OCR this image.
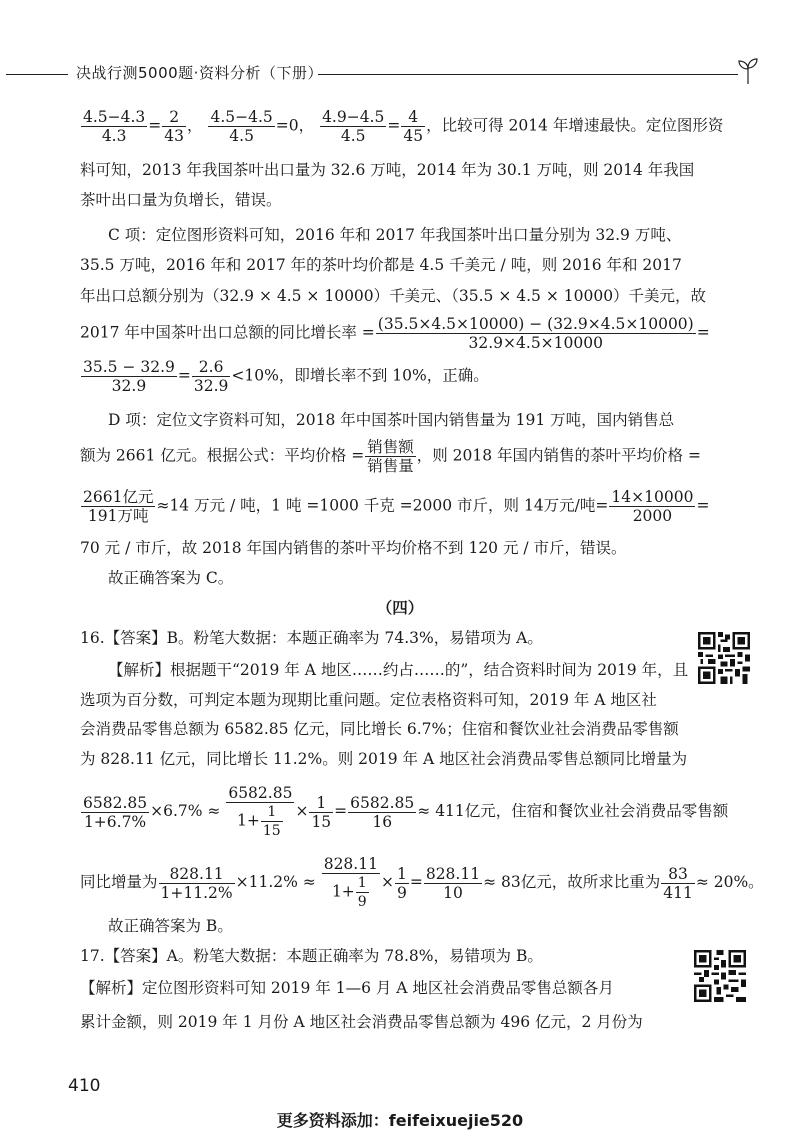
决战行测5000题·资料分析（下册）
$\frac{4.5-4.3}{4.3} = \frac{2}{43}$ ， $\frac{4.5-4.5}{4.5} =0$， $\frac{4.9-4.5}{4.5} = \frac{4}{45}$ ，比较可得 2014 年增速最快。定位图形资
料可知，2013 年我国茶叶出口量为 32.6 万吨，2014 年为 30.1 万吨，则 2014 年我国
茶叶出口量为负增长，错误。
C 项：定位图形资料可知，2016 年和 2017 年我国茶叶出口量分别为 32.9 万吨、
35.5 万吨，2016 年和 2017 年的茶叶均价都是 4.5 千美元 / 吨，则 2016 年和 2017
年出口总额分别为（32.9 × 4.5 × 10000）千美元、（35.5 × 4.5 × 10000）千美元，故
2017 年中国茶叶出口总额的同比增长率 = $\frac{(35.5\times 4.5\times 10000) - (32.9\times 4.5\times 10000)}{32.9\times 4.5\times 10000}$ =
$\frac{35.5 - 32.9}{32.9} = \frac{2.6}{32.9} <10\%$，即增长率不到 10%，正确。
D 项：定位文字资料可知，2018 年中国茶叶国内销售量为 191 万吨，国内销售总
额为 2661 亿元。根据公式：平均价格 = $\frac{\text{销售额}}{\text{销售量}}$ ，则 2018 年国内销售的茶叶平均价格 =
$\frac{\text{2661亿元}}{\text{191万吨}} \approx 14$ 万元 / 吨，1 吨 =1000 千克 =2000 市斤，则 14万元/吨= $\frac{14\times 10000}{2000}$ =
70 元 / 市斤，故 2018 年国内销售的茶叶平均价格不到 120 元 / 市斤，错误。
故正确答案为 C。
（四）
16.【答案】B。粉笔大数据：本题正确率为 74.3%，易错项为 A。
【解析】根据题干“2019 年 A 地区……约占……的”，结合资料时间为 2019 年，且
选项为百分数，可判定本题为现期比重问题。定位表格资料可知，2019 年 A 地区社
会消费品零售总额为 6582.85 亿元，同比增长 6.7%；住宿和餐饮业社会消费品零售额
为 828.11 亿元，同比增长 11.2%。则 2019 年 A 地区社会消费品零售总额同比增量为
$\frac{6582.85}{1+6.7\%} \times 6.7\% \approx \frac{6582.85}{1+ \frac{1}{15}} \times \frac{1}{15} = \frac{6582.85}{16} \approx 411$亿元，住宿和餐饮业社会消费品零售额
同比增量为 $\frac{828.11}{1+11.2\%} \times 11.2\% \approx \frac{828.11}{1+ \frac{1}{9}} \times \frac{1}{9} = \frac{828.11}{10} \approx 83$亿元，故所求比重为 $\frac{83}{411} \approx 20\%$。
故正确答案为 B。
17.【答案】A。粉笔大数据：本题正确率为 78.8%，易错项为 B。
【解析】定位图形资料可知 2019 年 1—6 月 A 地区社会消费品零售总额各月
累计金额，则 2019 年 1 月份 A 地区社会消费品零售总额为 496 亿元，2 月份为
410
更多资料添加：feifeixuejie520
